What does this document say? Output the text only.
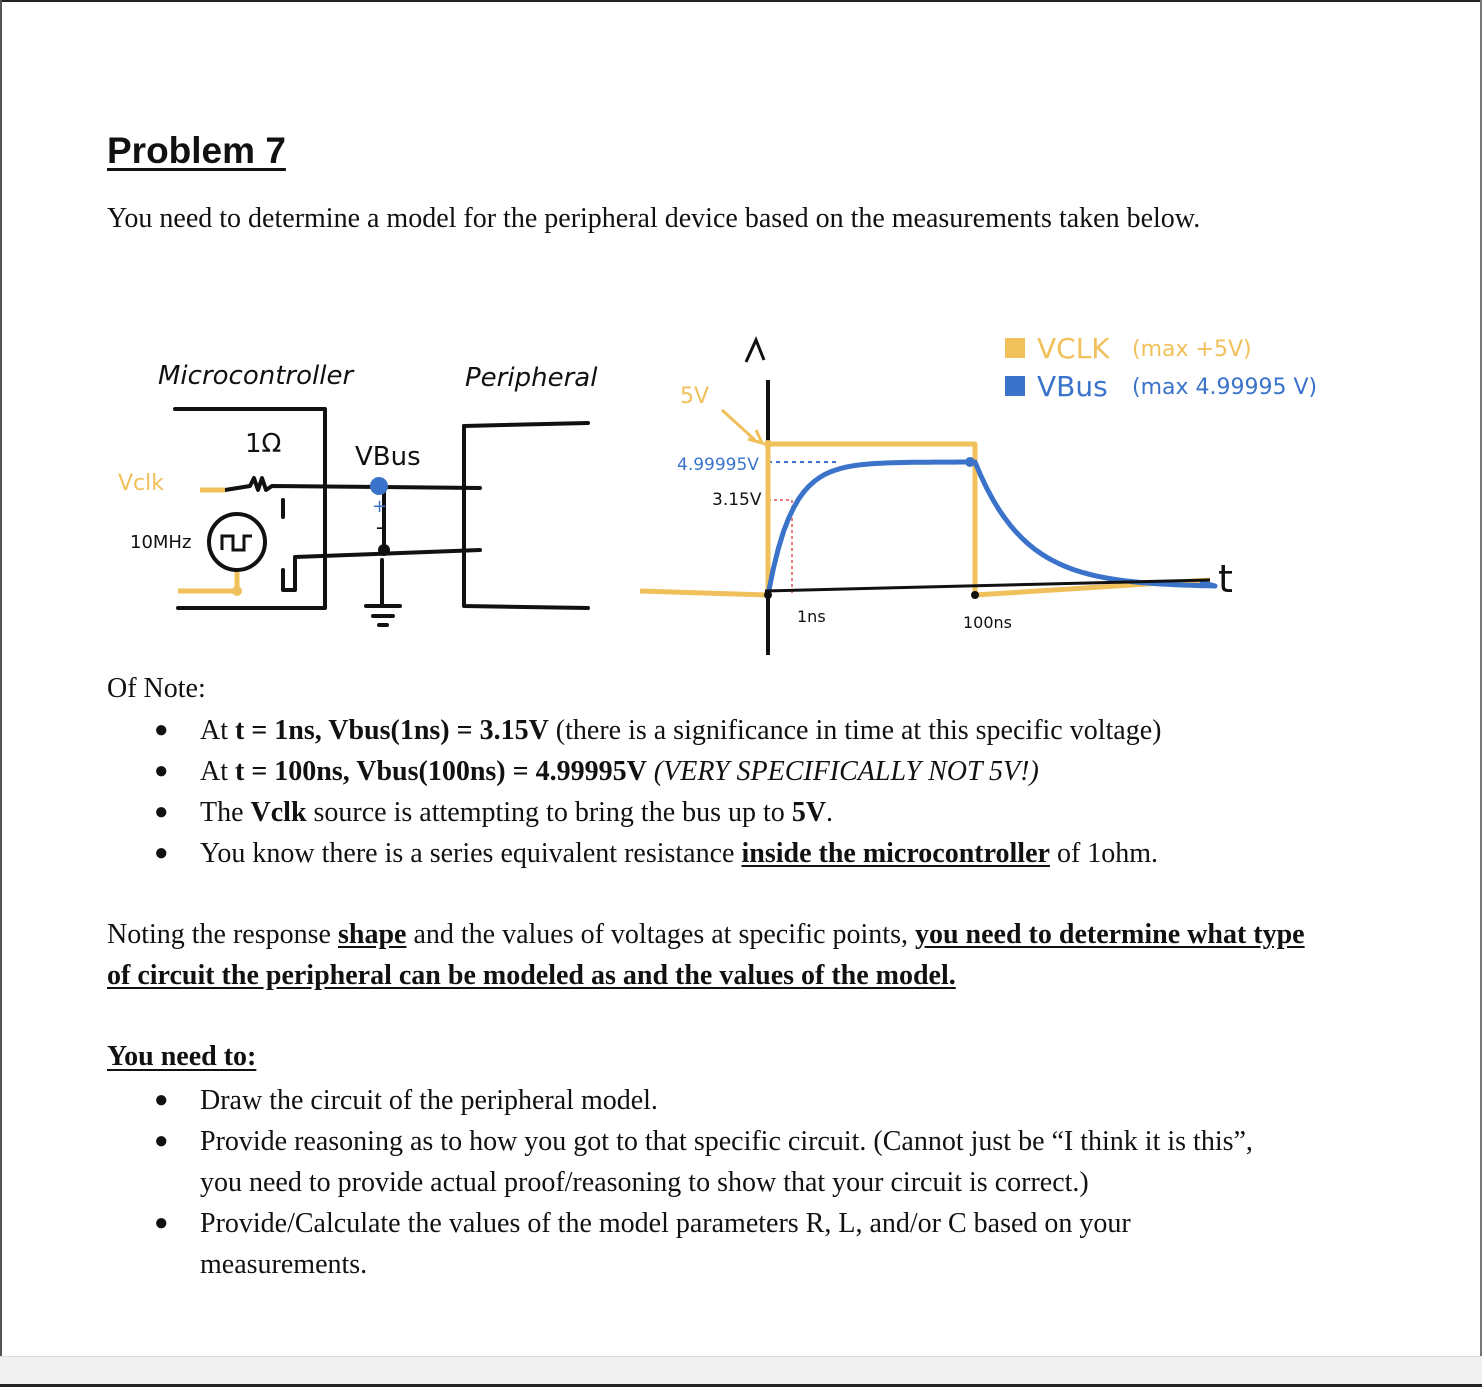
Problem 7
You need to determine a model for the peripheral device based on the measurements taken below.
Microcontroller	Peripheral
1Ω	VBus
Vclk
10MHz
+
-
t
5V
4.99995V
3.15V
1ns	100ns
VCLK (max +5V)
VBus (max 4.99995 V)
Of Note:
● At t = 1ns, Vbus(1ns) = 3.15V (there is a significance in time at this specific voltage)
● At t = 100ns, Vbus(100ns) = 4.99995V (VERY SPECIFICALLY NOT 5V!)
● The Vclk source is attempting to bring the bus up to 5V.
● You know there is a series equivalent resistance inside the microcontroller of 1ohm.
Noting the response shape and the values of voltages at specific points, you need to determine what type of circuit the peripheral can be modeled as and the values of the model.
You need to:
● Draw the circuit of the peripheral model.
● Provide reasoning as to how you got to that specific circuit. (Cannot just be “I think it is this”, you need to provide actual proof/reasoning to show that your circuit is correct.)
● Provide/Calculate the values of the model parameters R, L, and/or C based on your measurements.
